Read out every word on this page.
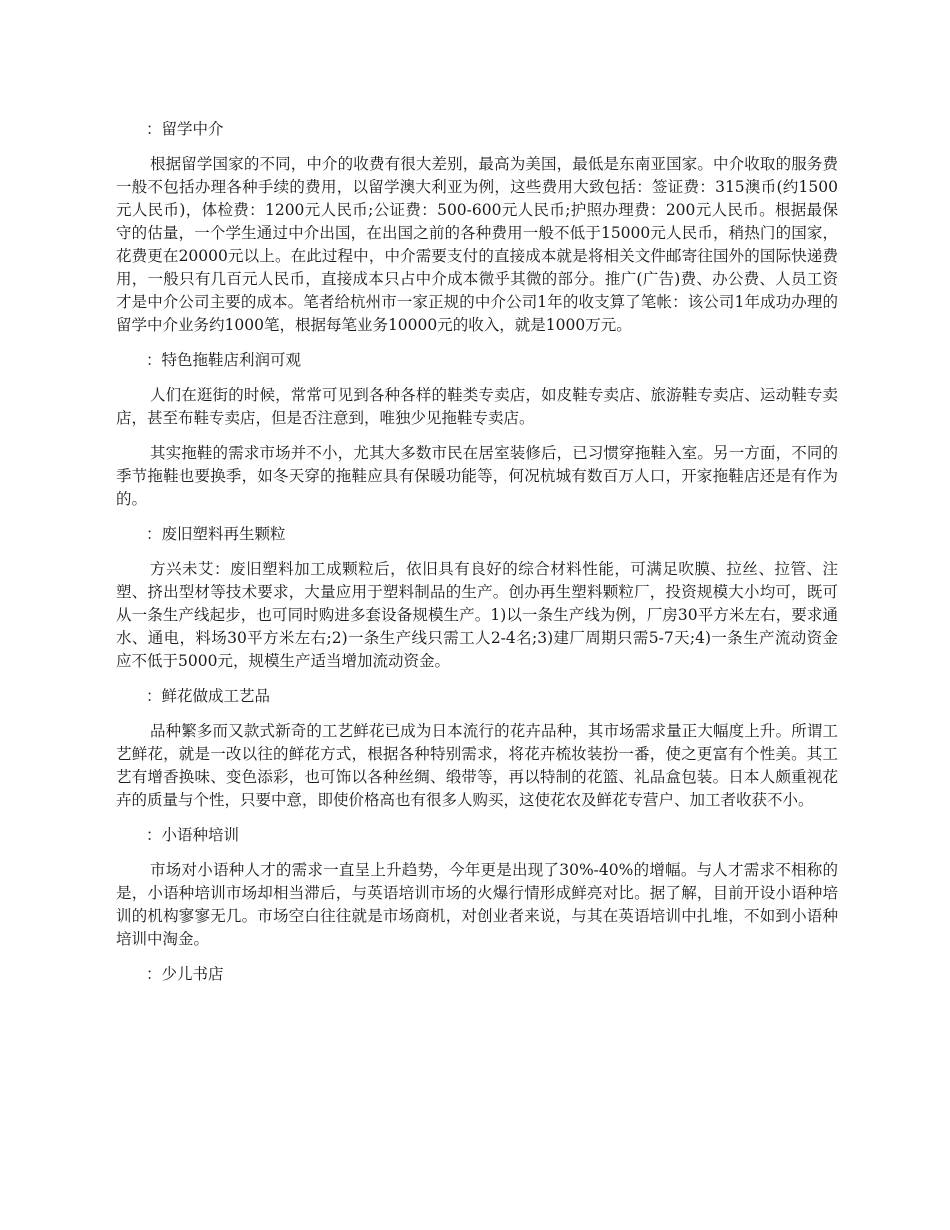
：留学中介

根据留学国家的不同，中介的收费有很大差别，最高为美国，最低是东南亚国家。中介收取的服务费一般不包括办理各种手续的费用，以留学澳大利亚为例，这些费用大致包括：签证费：315澳币(约1500元人民币)，体检费：1200元人民币;公证费：500-600元人民币;护照办理费：200元人民币。根据最保守的估量，一个学生通过中介出国，在出国之前的各种费用一般不低于15000元人民币，稍热门的国家，花费更在20000元以上。在此过程中，中介需要支付的直接成本就是将相关文件邮寄往国外的国际快递费用，一般只有几百元人民币，直接成本只占中介成本微乎其微的部分。推广(广告)费、办公费、人员工资才是中介公司主要的成本。笔者给杭州市一家正规的中介公司1年的收支算了笔帐：该公司1年成功办理的留学中介业务约1000笔，根据每笔业务10000元的收入，就是1000万元。

：特色拖鞋店利润可观

人们在逛街的时候，常常可见到各种各样的鞋类专卖店，如皮鞋专卖店、旅游鞋专卖店、运动鞋专卖店，甚至布鞋专卖店，但是否注意到，唯独少见拖鞋专卖店。

其实拖鞋的需求市场并不小，尤其大多数市民在居室装修后，已习惯穿拖鞋入室。另一方面，不同的季节拖鞋也要换季，如冬天穿的拖鞋应具有保暖功能等，何况杭城有数百万人口，开家拖鞋店还是有作为的。

：废旧塑料再生颗粒

方兴未艾：废旧塑料加工成颗粒后，依旧具有良好的综合材料性能，可满足吹膜、拉丝、拉管、注塑、挤出型材等技术要求，大量应用于塑料制品的生产。创办再生塑料颗粒厂，投资规模大小均可，既可从一条生产线起步，也可同时购进多套设备规模生产。1)以一条生产线为例，厂房30平方米左右，要求通水、通电，料场30平方米左右;2)一条生产线只需工人2-4名;3)建厂周期只需5-7天;4)一条生产流动资金应不低于5000元，规模生产适当增加流动资金。

：鲜花做成工艺品

品种繁多而又款式新奇的工艺鲜花已成为日本流行的花卉品种，其市场需求量正大幅度上升。所谓工艺鲜花，就是一改以往的鲜花方式，根据各种特别需求，将花卉梳妆装扮一番，使之更富有个性美。其工艺有增香换味、变色添彩，也可饰以各种丝绸、缎带等，再以特制的花篮、礼品盒包装。日本人颇重视花卉的质量与个性，只要中意，即使价格高也有很多人购买，这使花农及鲜花专营户、加工者收获不小。

：小语种培训

市场对小语种人才的需求一直呈上升趋势，今年更是出现了30%-40%的增幅。与人才需求不相称的是，小语种培训市场却相当滞后，与英语培训市场的火爆行情形成鲜亮对比。据了解，目前开设小语种培训的机构寥寥无几。市场空白往往就是市场商机，对创业者来说，与其在英语培训中扎堆，不如到小语种培训中淘金。

：少儿书店
